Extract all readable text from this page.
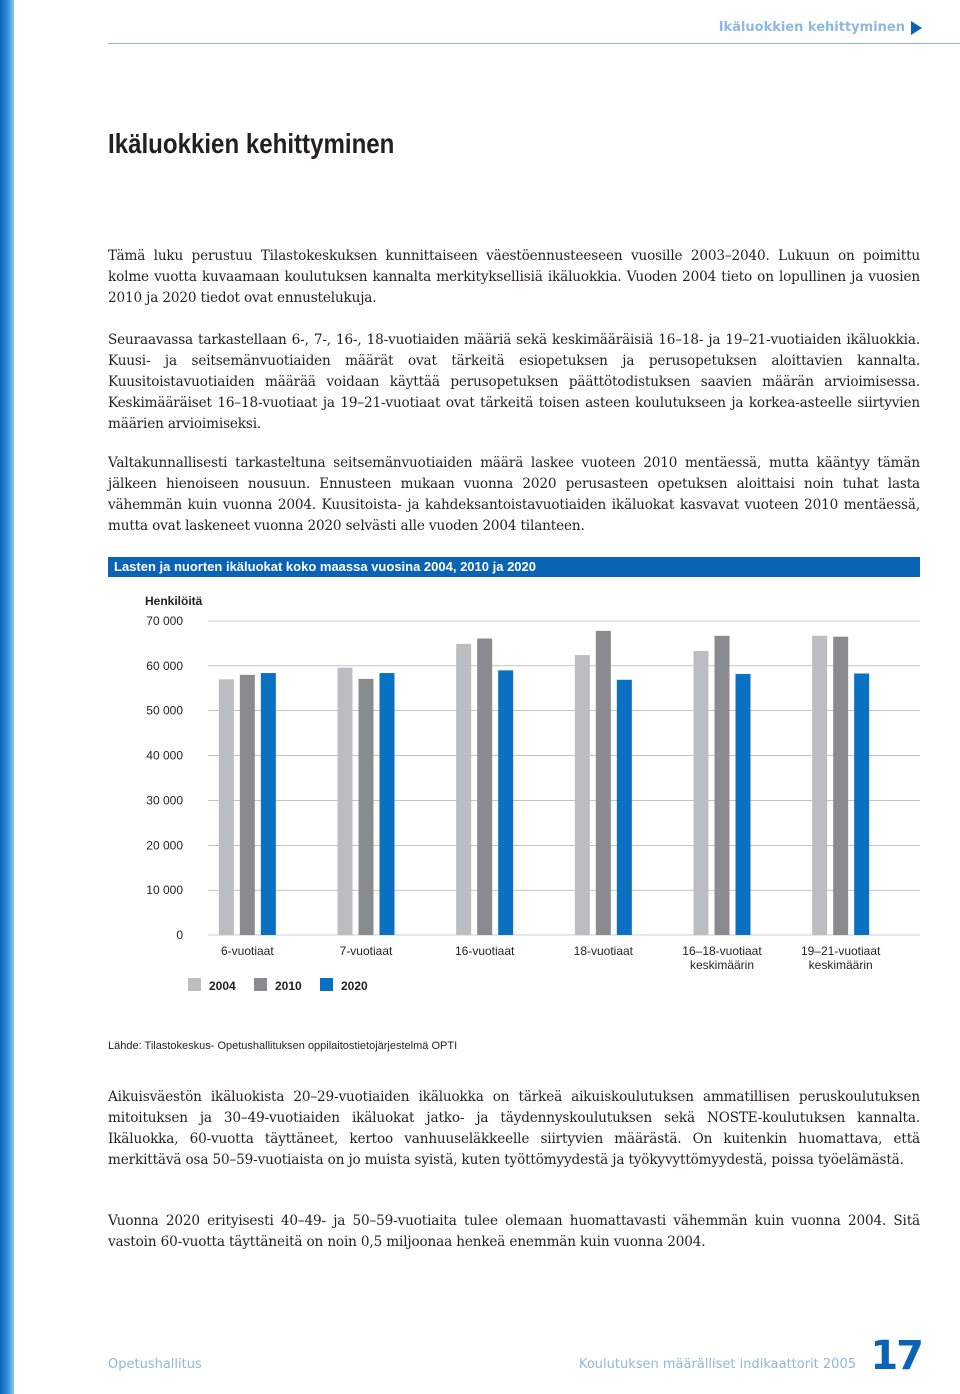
Ikäluokkien kehittyminen
Ikäluokkien kehittyminen

Tämä luku perustuu Tilastokeskuksen kunnittaiseen väestöennusteeseen vuosille 2003–2040. Lukuun on poimittu kolme vuotta kuvaamaan koulutuksen kannalta merkityksellisiä ikäluokkia. Vuoden 2004 tieto on lopullinen ja vuosien 2010 ja 2020 tiedot ovat ennustelukuja.

Seuraavassa tarkastellaan 6-, 7-, 16-, 18-vuotiaiden määriä sekä keskimääräisiä 16–18- ja 19–21-vuotiaiden ikäluokkia. Kuusi- ja seitsemänvuotiaiden määrät ovat tärkeitä esiopetuksen ja perusopetuksen aloittavien kannalta. Kuusitoistavuotiaiden määrää voidaan käyttää perusopetuksen päättötodistuksen saavien määrän arvioimisessa. Keskimääräiset 16–18-vuotiaat ja 19–21-vuotiaat ovat tärkeitä toisen asteen koulutukseen ja korkea-asteelle siirtyvien määrien arvioimiseksi.

Valtakunnallisesti tarkasteltuna seitsemänvuotiaiden määrä laskee vuoteen 2010 mentäessä, mutta kääntyy tämän jälkeen hienoiseen nousuun. Ennusteen mukaan vuonna 2020 perusasteen opetuksen aloittaisi noin tuhat lasta vähemmän kuin vuonna 2004. Kuusitoista- ja kahdeksantoistavuotiaiden ikäluokat kasvavat vuoteen 2010 mentäessä, mutta ovat laskeneet vuonna 2020 selvästi alle vuoden 2004 tilanteen.

Lasten ja nuorten ikäluokat koko maassa vuosina 2004, 2010 ja 2020
Henkilöitä
0
10 000
20 000
30 000
40 000
50 000
60 000
70 000
6-vuotiaat	7-vuotiaat	16-vuotiaat	18-vuotiaat	16–18-vuotiaat keskimäärin
19–21-vuotiaat keskimäärin
2004	2010	2020
Lähde: Tilastokeskus- Opetushallituksen oppilaitostietojärjestelmä OPTI

Aikuisväestön ikäluokista 20–29-vuotiaiden ikäluokka on tärkeä aikuiskoulutuksen ammatillisen peruskoulutuksen mitoituksen ja 30–49-vuotiaiden ikäluokat jatko- ja täydennyskoulutuksen sekä NOSTE-koulutuksen kannalta. Ikäluokka, 60-vuotta täyttäneet, kertoo vanhuuseläkkeelle siirtyvien määrästä. On kuitenkin huomattava, että merkittävä osa 50–59-vuotiaista on jo muista syistä, kuten työttömyydestä ja työkyvyttömyydestä, poissa työelämästä.

Vuonna 2020 erityisesti 40–49- ja 50–59-vuotiaita tulee olemaan huomattavasti vähemmän kuin vuonna 2004. Sitä vastoin 60-vuotta täyttäneitä on noin 0,5 miljoonaa henkeä enemmän kuin vuonna 2004.

Opetushallitus	Koulutuksen määrälliset indikaattorit 2005 17
